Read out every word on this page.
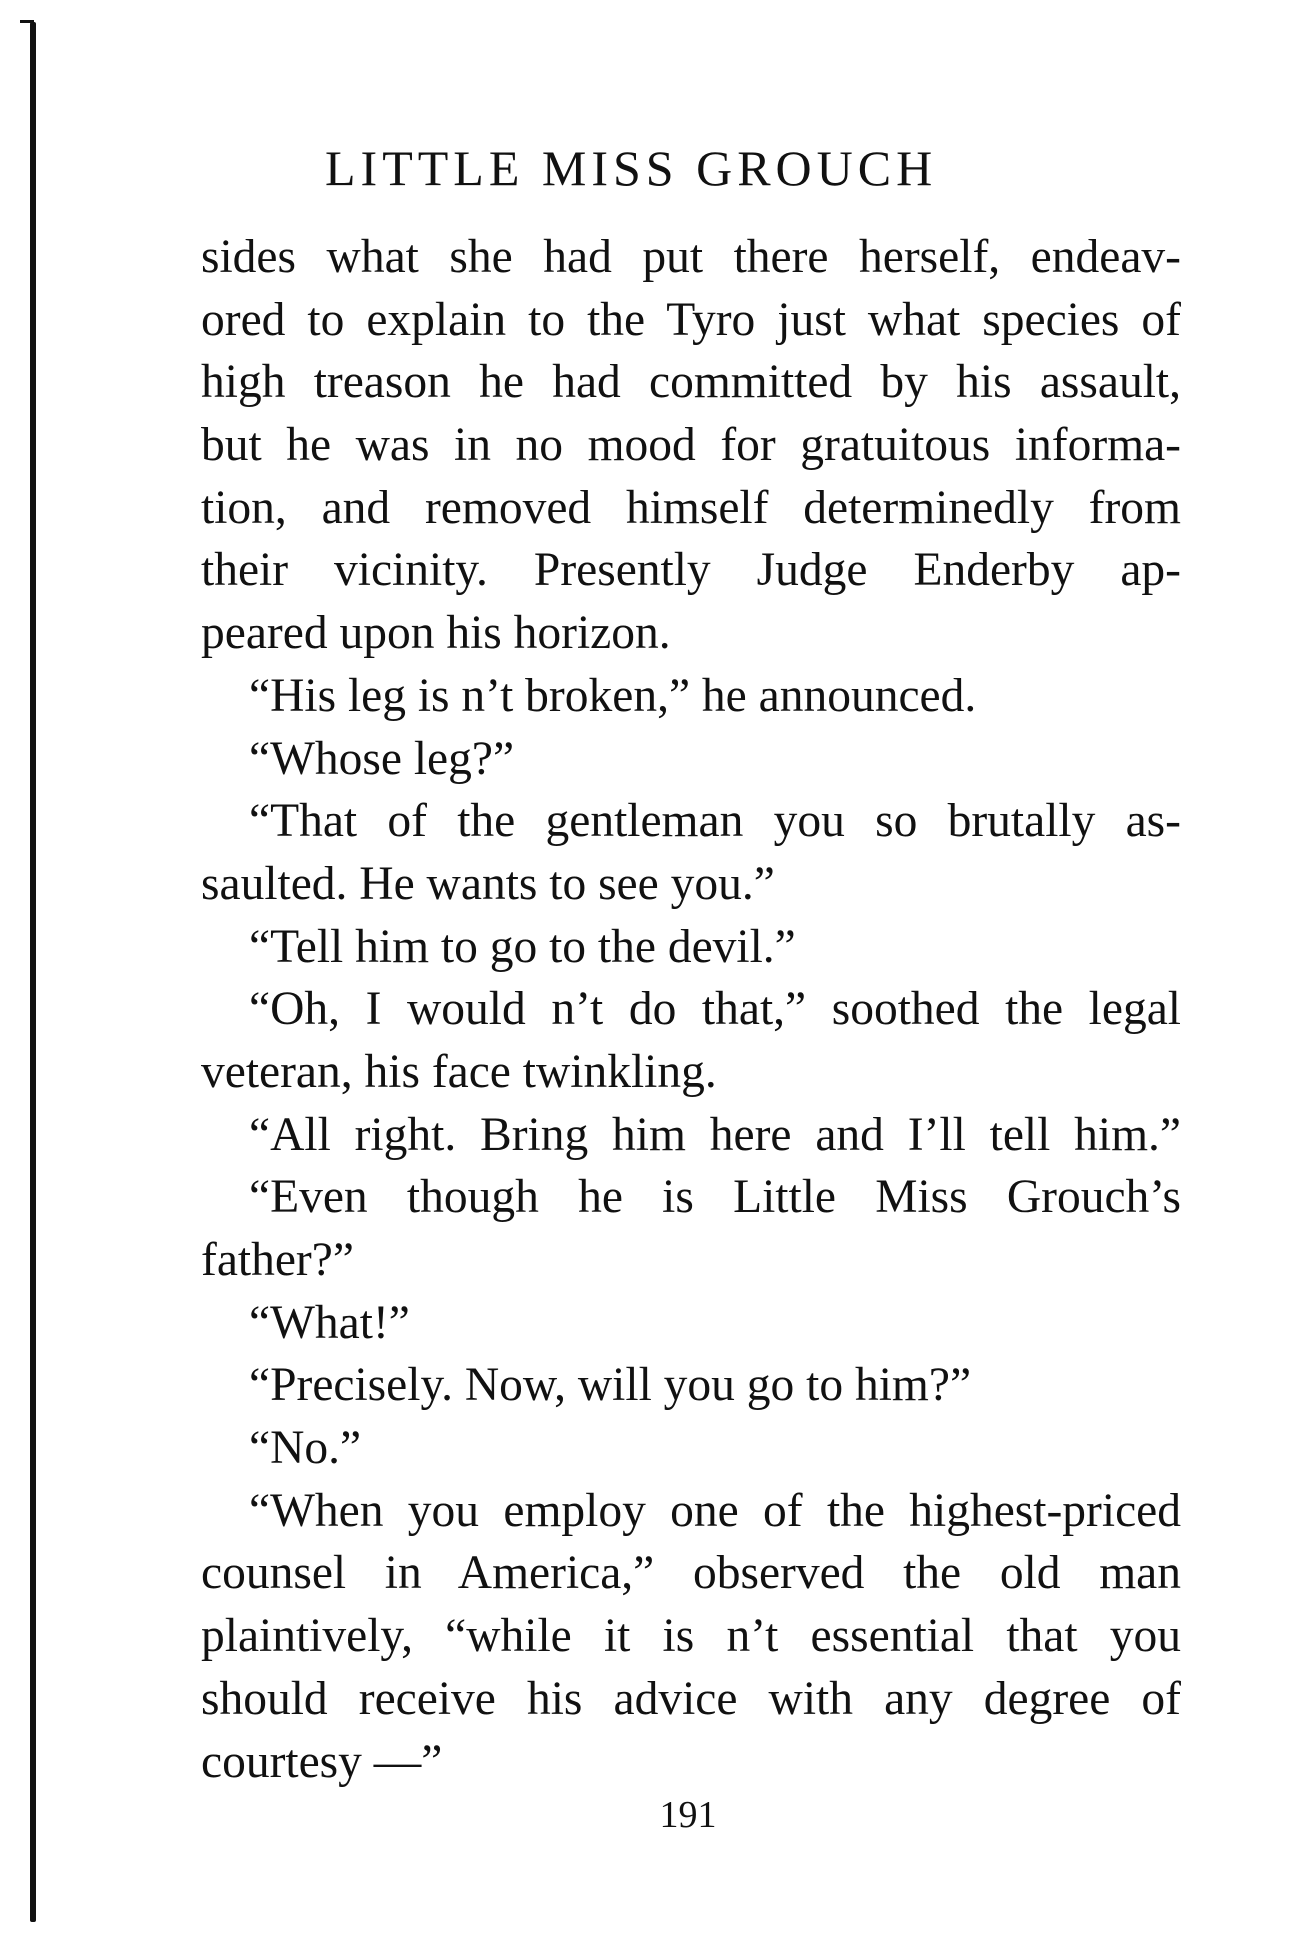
LITTLE MISS GROUCH
sides what she had put there herself, endeav-
ored to explain to the Tyro just what species of
high treason he had committed by his assault,
but he was in no mood for gratuitous informa-
tion, and removed himself determinedly from
their vicinity. Presently Judge Enderby ap-
peared upon his horizon.
“His leg is n’t broken,” he announced.
“Whose leg?”
“That of the gentleman you so brutally as-
saulted. He wants to see you.”
“Tell him to go to the devil.”
“Oh, I would n’t do that,” soothed the legal
veteran, his face twinkling.
“All right. Bring him here and I’ll tell him.”
“Even though he is Little Miss Grouch’s
father?”
“What!”
“Precisely. Now, will you go to him?”
“No.”
“When you employ one of the highest-priced
counsel in America,” observed the old man
plaintively, “while it is n’t essential that you
should receive his advice with any degree of
courtesy —”
191
